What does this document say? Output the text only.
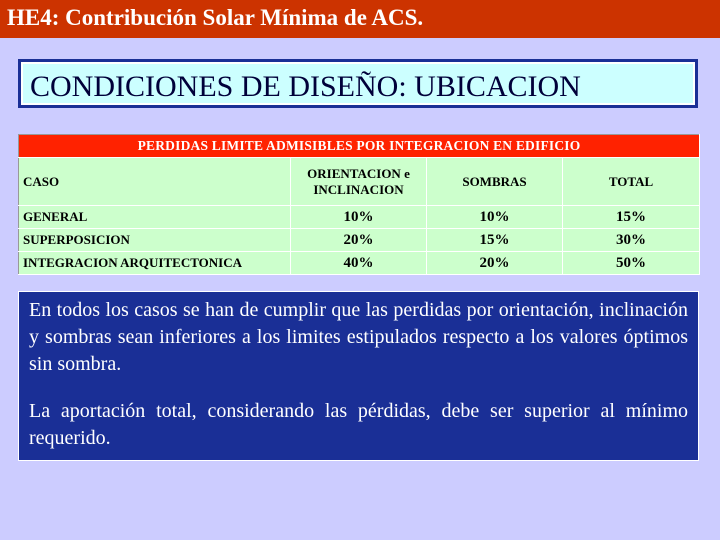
HE4: Contribución Solar Mínima de ACS.
CONDICIONES DE DISEÑO: UBICACION
PERDIDAS LIMITE ADMISIBLES POR INTEGRACION EN EDIFICIO			
CASO	ORIENTACION e INCLINACION	SOMBRAS	TOTAL
GENERAL	10%	10%	15%
SUPERPOSICION	20%	15%	30%
INTEGRACION ARQUITECTONICA	40%	20%	50%

En todos los casos se han de cumplir que las perdidas por orientación, inclinación y sombras sean inferiores a los limites estipulados respecto a los valores óptimos sin sombra.

La aportación total, considerando las pérdidas, debe ser superior al mínimo requerido.
